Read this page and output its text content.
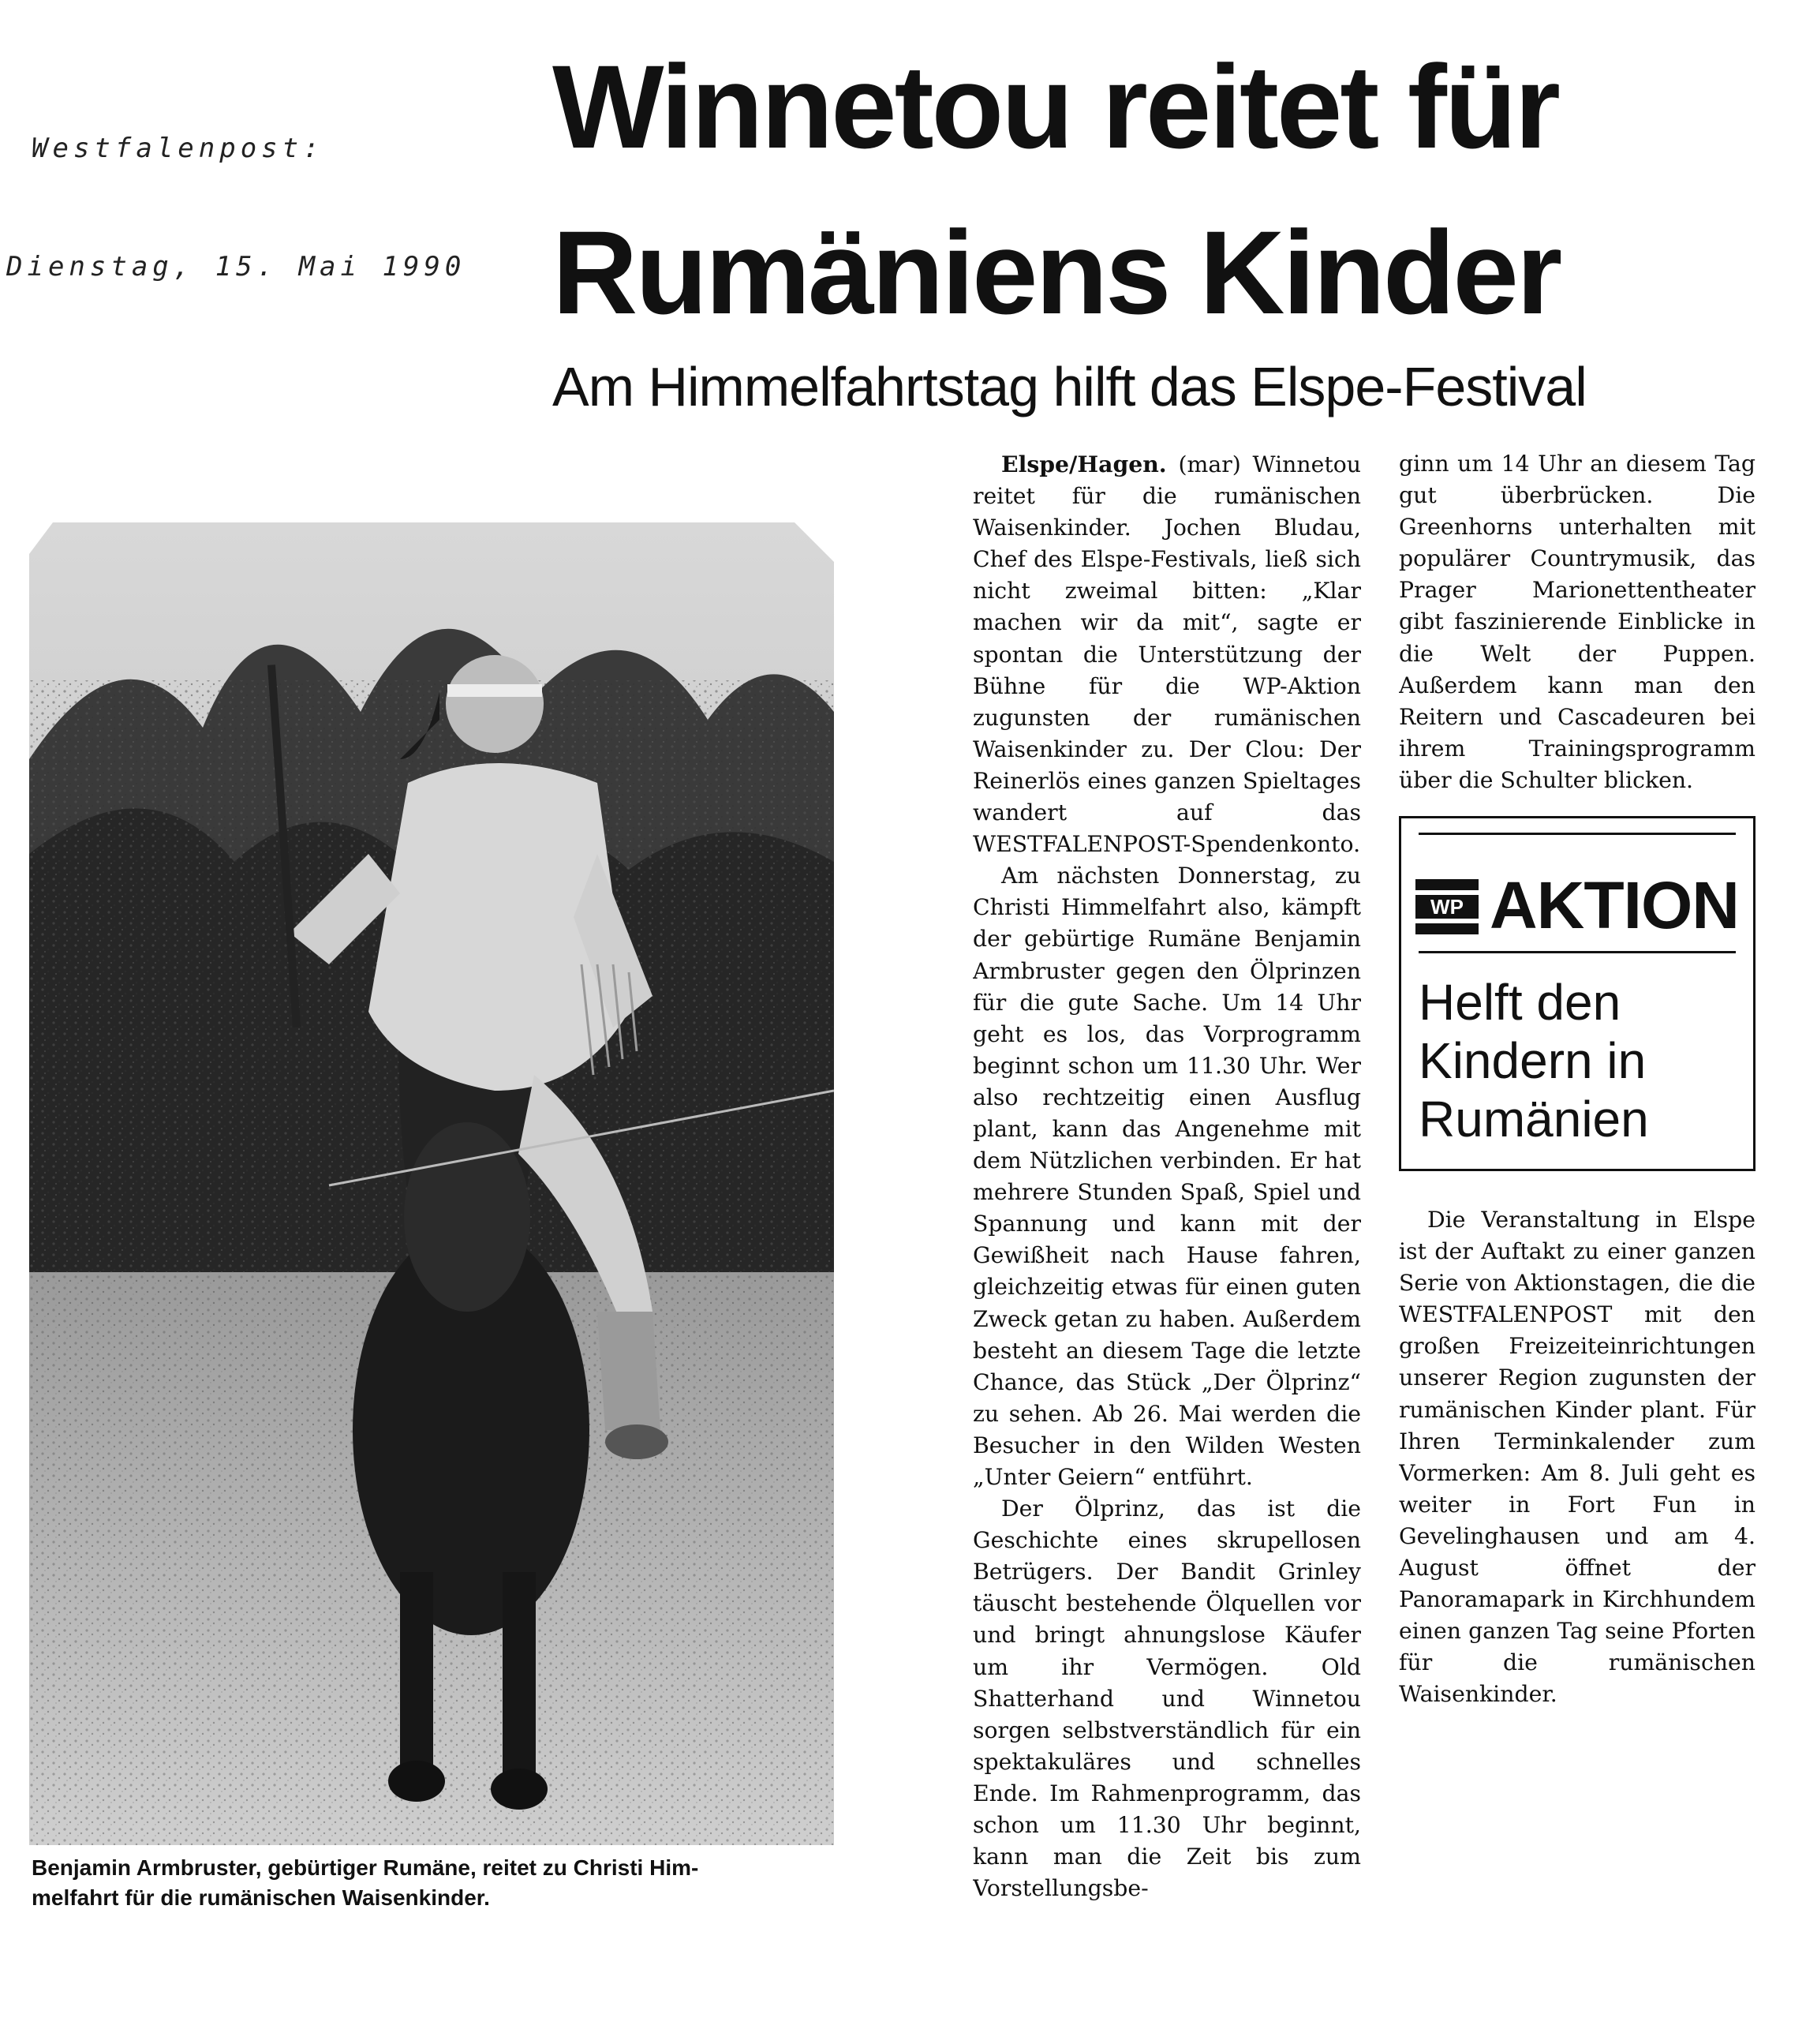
Westfalenpost:
Dienstag, 15. Mai 1990
Winnetou reitet für
Rumäniens Kinder
Am Himmelfahrtstag hilft das Elspe-Festival
Benjamin Armbruster, gebürtiger Rumäne, reitet zu Christi Him-
melfahrt für die rumänischen Waisenkinder.

Elspe/Hagen. (mar) Winnetou reitet für die rumänischen Waisenkinder. Jochen Bludau, Chef des Elspe-Festivals, ließ sich nicht zweimal bitten: „Klar machen wir da mit“, sagte er spontan die Unterstützung der Bühne für die WP-Aktion zugunsten der rumänischen Waisenkinder zu. Der Clou: Der Reinerlös eines ganzen Spieltages wandert auf das WESTFALENPOST-Spendenkonto.

Am nächsten Donnerstag, zu Christi Himmelfahrt also, kämpft der gebürtige Rumäne Benjamin Armbruster gegen den Ölprinzen für die gute Sache. Um 14 Uhr geht es los, das Vorprogramm beginnt schon um 11.30 Uhr. Wer also rechtzeitig einen Ausflug plant, kann das Angenehme mit dem Nützlichen verbinden. Er hat mehrere Stunden Spaß, Spiel und Spannung und kann mit der Gewißheit nach Hause fahren, gleichzeitig etwas für einen guten Zweck getan zu haben. Außerdem besteht an diesem Tage die letzte Chance, das Stück „Der Ölprinz“ zu sehen. Ab 26. Mai werden die Besucher in den Wilden Westen „Unter Geiern“ entführt.

Der Ölprinz, das ist die Geschichte eines skrupellosen Betrügers. Der Bandit Grinley täuscht bestehende Ölquellen vor und bringt ahnungslose Käufer um ihr Vermögen. Old Shatterhand und Winnetou sorgen selbstverständlich für ein spektakuläres und schnelles Ende. Im Rahmenprogramm, das schon um 11.30 Uhr beginnt, kann man die Zeit bis zum Vorstellungsbe-

ginn um 14 Uhr an diesem Tag gut überbrücken. Die Greenhorns unterhalten mit populärer Countrymusik, das Prager Marionettentheater gibt faszinierende Einblicke in die Welt der Puppen. Außerdem kann man den Reitern und Cascadeuren bei ihrem Trainingsprogramm über die Schulter blicken.

WP AKTION
Helft den
Kindern in
Rumänien

Die Veranstaltung in Elspe ist der Auftakt zu einer ganzen Serie von Aktionstagen, die die WESTFALENPOST mit den großen Freizeiteinrichtungen unserer Region zugunsten der rumänischen Kinder plant. Für Ihren Terminkalender zum Vormerken: Am 8. Juli geht es weiter in Fort Fun in Gevelinghausen und am 4. August öffnet der Panoramapark in Kirchhundem einen ganzen Tag seine Pforten für die rumänischen Waisenkinder.
